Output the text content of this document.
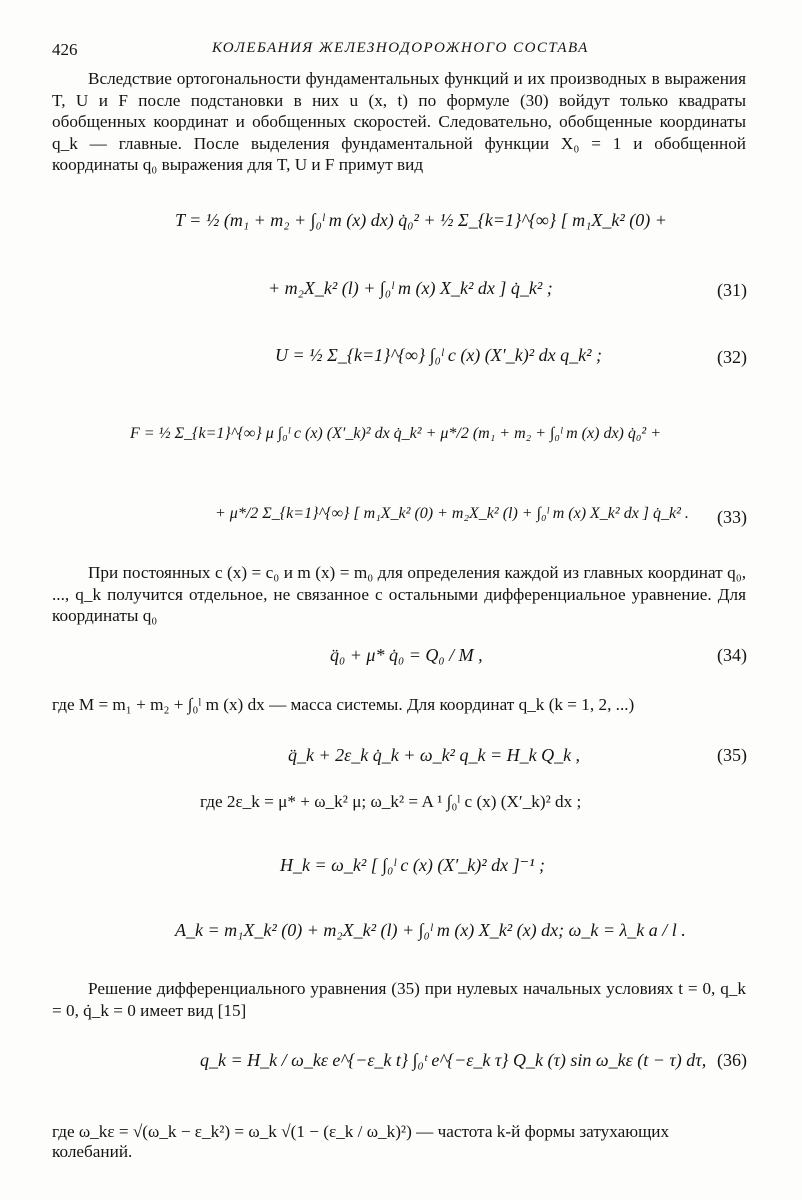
426	КОЛЕБАНИЯ ЖЕЛЕЗНОДОРОЖНОГО СОСТАВА

Вследствие ортогональности фундаментальных функций и их производных в выражения T, U и F после подстановки в них u (x, t) по формуле (30) войдут только квадраты обобщенных координат и обобщенных скоростей. Следовательно, обобщенные координаты q_k — главные. После выделения фундаментальной функции X₀ = 1 и обобщенной координаты q₀ выражения для T, U и F примут вид

T = ½ (m₁ + m₂ + ∫₀ˡ m (x) dx) q̇₀² + ½ Σ_{k=1}^{∞} [ m₁X_k² (0) +
+ m₂X_k² (l) + ∫₀ˡ m (x) X_k² dx ] q̇_k² ;	(31)
U = ½ Σ_{k=1}^{∞} ∫₀ˡ c (x) (X′_k)² dx q_k² ;	(32)
F = ½ Σ_{k=1}^{∞} μ ∫₀ˡ c (x) (X′_k)² dx q̇_k² + μ*/2 (m₁ + m₂ + ∫₀ˡ m (x) dx) q̇₀² +
+ μ*/2 Σ_{k=1}^{∞} [ m₁X_k² (0) + m₂X_k² (l) + ∫₀ˡ m (x) X_k² dx ] q̇_k² . (33)

При постоянных c (x) = c₀ и m (x) = m₀ для определения каждой из главных координат q₀, ..., q_k получится отдельное, не связанное с остальными дифференциальное уравнение. Для координаты q₀

q̈₀ + μ* q̇₀ = Q₀ / M ,	(34)
где M = m₁ + m₂ + ∫₀ˡ m (x) dx — масса системы. Для координат q_k (k = 1, 2, ...)
q̈_k + 2ε_k q̇_k + ω_k² q_k = H_k Q_k ,	(35)
где 2ε_k = μ* + ω_k² μ; ω_k² = A ¹ ∫₀ˡ c (x) (X′_k)² dx ;
H_k = ω_k² [ ∫₀ˡ c (x) (X′_k)² dx ]⁻¹ ;
A_k = m₁X_k² (0) + m₂X_k² (l) + ∫₀ˡ m (x) X_k² (x) dx; ω_k = λ_k a / l .

Решение дифференциального уравнения (35) при нулевых начальных условиях t = 0, q_k = 0, q̇_k = 0 имеет вид [15]

q_k = H_k / ω_kε e^{−ε_k t} ∫₀ᵗ e^{−ε_k τ} Q_k (τ) sin ω_kε (t − τ) dτ, (36)
где ω_kε = √(ω_k − ε_k²) = ω_k √(1 − (ε_k / ω_k)²) — частота k-й формы затухающих колебаний.
